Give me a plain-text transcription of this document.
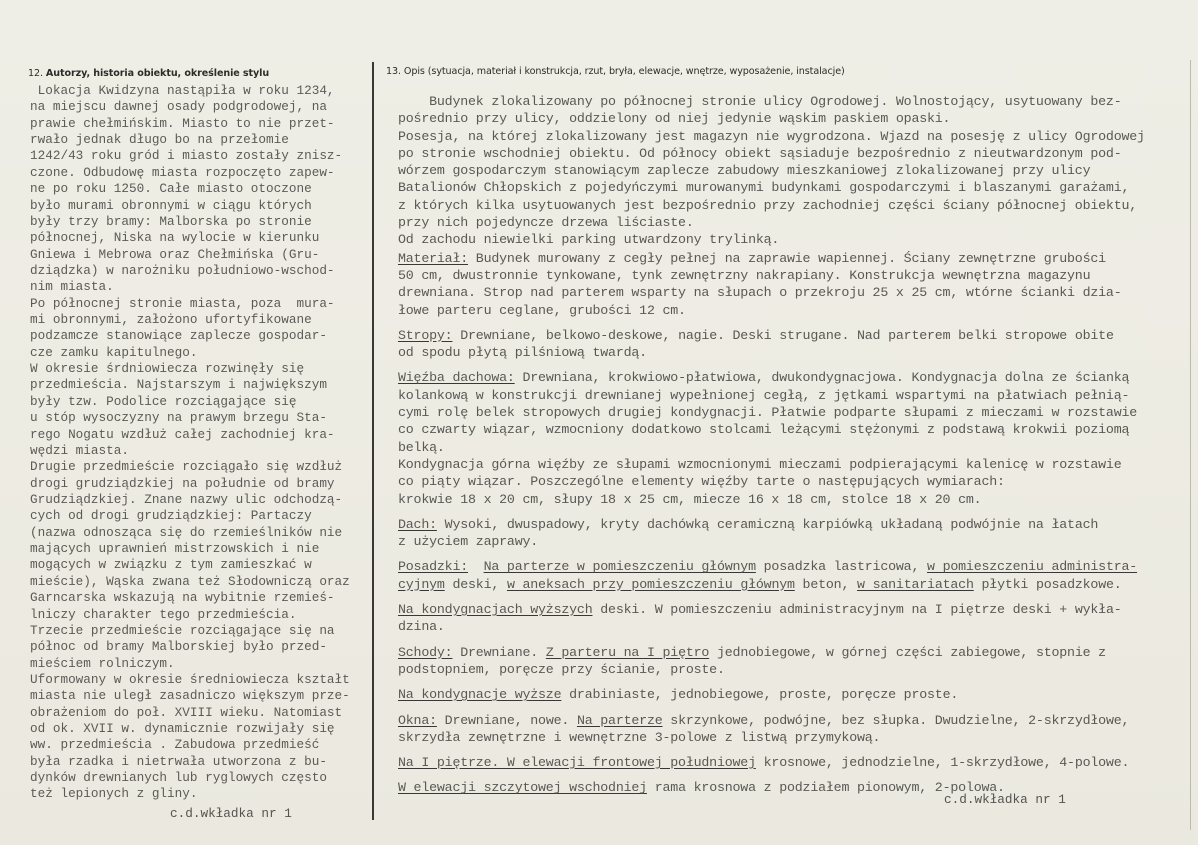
12. Autorzy, historia obiektu, określenie stylu	13. Opis (sytuacja, materiał i konstrukcja, rzut, bryła, elewacje, wnętrze, wyposażenie, instalacje)
Lokacja Kwidzyna nastąpiła w roku 1234,
na miejscu dawnej osady podgrodowej, na
prawie chełmińskim. Miasto to nie przet-
rwało jednak długo bo na przełomie
1242/43 roku gród i miasto zostały znisz-
czone. Odbudowę miasta rozpoczęto zapew-
ne po roku 1250. Całe miasto otoczone
było murami obronnymi w ciągu których
były trzy bramy: Malborska po stronie
północnej, Niska na wylocie w kierunku
Gniewa i Mebrowa oraz Chełmińska (Gru-
dziądzka) w narożniku południowo-wschod-
nim miasta.
Po północnej stronie miasta, poza  mura-
mi obronnymi, założono ufortyfikowane
podzamcze stanowiące zaplecze gospodar-
cze zamku kapitulnego.
W okresie śrdniowiecza rozwinęły się
przedmieścia. Najstarszym i największym
były tzw. Podolice rozciągające się
u stóp wysoczyzny na prawym brzegu Sta-
rego Nogatu wzdłuż całej zachodniej kra-
wędzi miasta.
Drugie przedmieście rozciągało się wzdłuż
drogi grudziądzkiej na południe od bramy
Grudziądzkiej. Znane nazwy ulic odchodzą-
cych od drogi grudziądzkiej: Partaczy
(nazwa odnosząca się do rzemieślników nie
mających uprawnień mistrzowskich i nie
mogących w związku z tym zamieszkać w
mieście), Wąska zwana też Słodowniczą oraz
Garncarska wskazują na wybitnie rzemieś-
lniczy charakter tego przedmieścia.
Trzecie przedmieście rozciągające się na
północ od bramy Malborskiej było przed-
mieściem rolniczym.
Uformowany w okresie średniowiecza kształt
miasta nie uległ zasadniczo większym prze-
obrażeniom do poł. XVIII wieku. Natomiast
od ok. XVII w. dynamicznie rozwijały się
ww. przedmieścia . Zabudowa przedmieść
była rzadka i nietrwała utworzona z bu-
dynków drewnianych lub ryglowych często
też lepionych z gliny.
Budynek zlokalizowany po północnej stronie ulicy Ogrodowej. Wolnostojący, usytuowany bez-
pośrednio przy ulicy, oddzielony od niej jedynie wąskim paskiem opaski.
Posesja, na której zlokalizowany jest magazyn nie wygrodzona. Wjazd na posesję z ulicy Ogrodowej
po stronie wschodniej obiektu. Od północy obiekt sąsiaduje bezpośrednio z nieutwardzonym pod-
wórzem gospodarczym stanowiącym zaplecze zabudowy mieszkaniowej zlokalizowanej przy ulicy
Batalionów Chłopskich z pojedyńczymi murowanymi budynkami gospodarczymi i blaszanymi garażami,
z których kilka usytuowanych jest bezpośrednio przy zachodniej części ściany północnej obiektu,
przy nich pojedyncze drzewa liściaste.
Od zachodu niewielki parking utwardzony trylinką.
Materiał: Budynek murowany z cegły pełnej na zaprawie wapiennej. Ściany zewnętrzne grubości
50 cm, dwustronnie tynkowane, tynk zewnętrzny nakrapiany. Konstrukcja wewnętrzna magazynu
drewniana. Strop nad parterem wsparty na słupach o przekroju 25 x 25 cm, wtórne ścianki dzia-
łowe parteru ceglane, grubości 12 cm.
Stropy: Drewniane, belkowo-deskowe, nagie. Deski strugane. Nad parterem belki stropowe obite
od spodu płytą pilśniową twardą.
Więźba dachowa: Drewniana, krokwiowo-płatwiowa, dwukondygnacjowa. Kondygnacja dolna ze ścianką
kolankową w konstrukcji drewnianej wypełnionej cegłą, z jętkami wspartymi na płatwiach pełnią-
cymi rolę belek stropowych drugiej kondygnacji. Płatwie podparte słupami z mieczami w rozstawie
co czwarty wiązar, wzmocniony dodatkowo stolcami leżącymi stężonymi z podstawą krokwii poziomą
belką.
Kondygnacja górna więźby ze słupami wzmocnionymi mieczami podpierającymi kalenicę w rozstawie
co piąty wiązar. Poszczególne elementy więźby tarte o następujących wymiarach:
krokwie 18 x 20 cm, słupy 18 x 25 cm, miecze 16 x 18 cm, stolce 18 x 20 cm.
Dach: Wysoki, dwuspadowy, kryty dachówką ceramiczną karpiówką układaną podwójnie na łatach
z użyciem zaprawy.
Posadzki: Na parterze w pomieszczeniu głównym posadzka lastricowa, w pomieszczeniu administra-
cyjnym deski, w aneksach przy pomieszczeniu głównym beton, w sanitariatach płytki posadzkowe.
Na kondygnacjach wyższych deski. W pomieszczeniu administracyjnym na I piętrze deski + wykła-
dzina.
Schody: Drewniane. Z parteru na I piętro jednobiegowe, w górnej części zabiegowe, stopnie z
podstopniem, poręcze przy ścianie, proste.
Na kondygnacje wyższe drabiniaste, jednobiegowe, proste, poręcze proste.
Okna: Drewniane, nowe. Na parterze skrzynkowe, podwójne, bez słupka. Dwudzielne, 2-skrzydłowe,
skrzydła zewnętrzne i wewnętrzne 3-polowe z listwą przymykową.
Na I piętrze. W elewacji frontowej południowej krosnowe, jednodzielne, 1-skrzydłowe, 4-polowe.
W elewacji szczytowej wschodniej rama krosnowa z podziałem pionowym, 2-polowa.
c.d.wkładka nr 1
c.d.wkładka nr 1
